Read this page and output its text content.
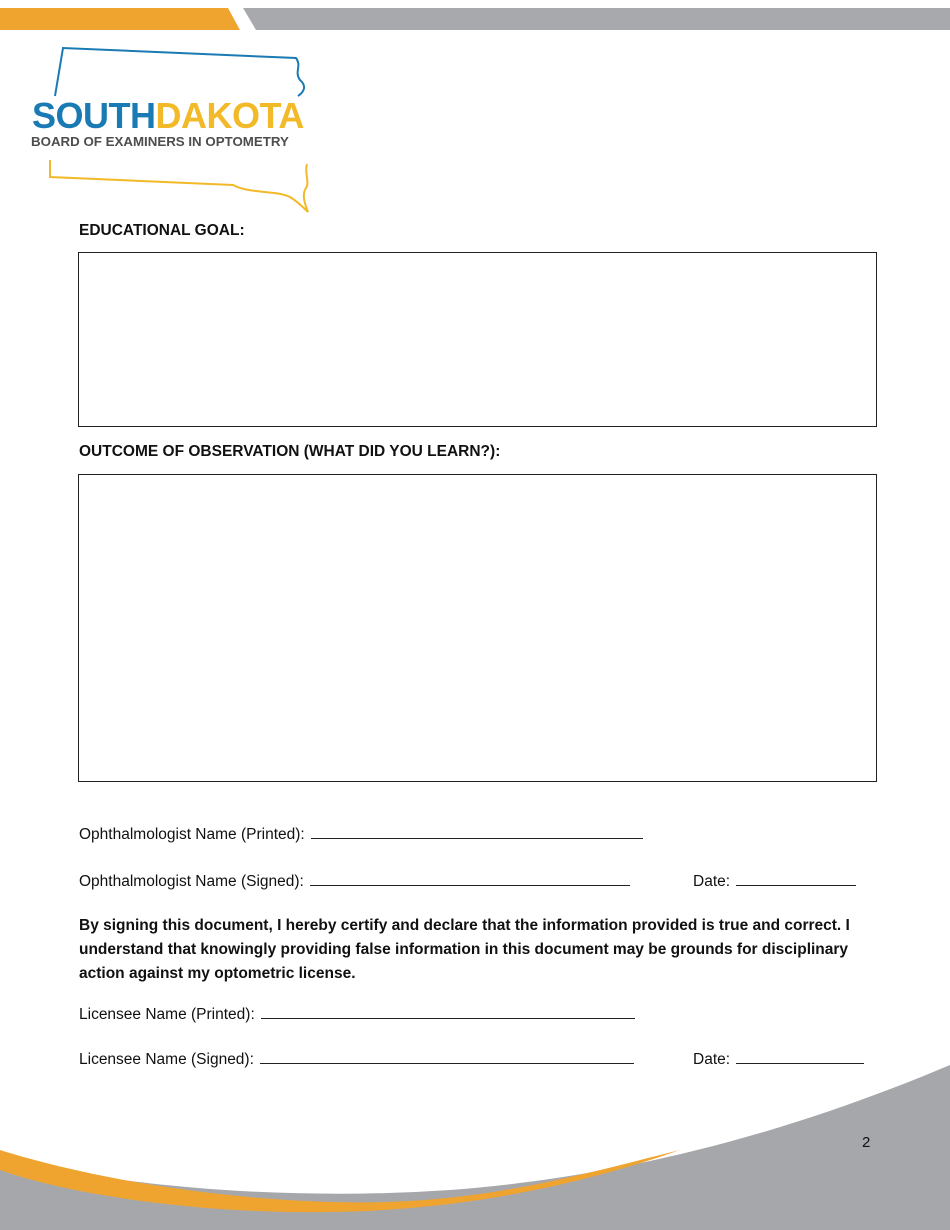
SOUTHDAKOTA
BOARD OF EXAMINERS IN OPTOMETRY
EDUCATIONAL GOAL:
OUTCOME OF OBSERVATION (WHAT DID YOU LEARN?):
Ophthalmologist Name (Printed):
Ophthalmologist Name (Signed):	Date:

By signing this document, I hereby certify and declare that the information provided is true and correct. I understand that knowingly providing false information in this document may be grounds for disciplinary action against my optometric license.

Licensee Name (Printed):
Licensee Name (Signed):	Date:
2
